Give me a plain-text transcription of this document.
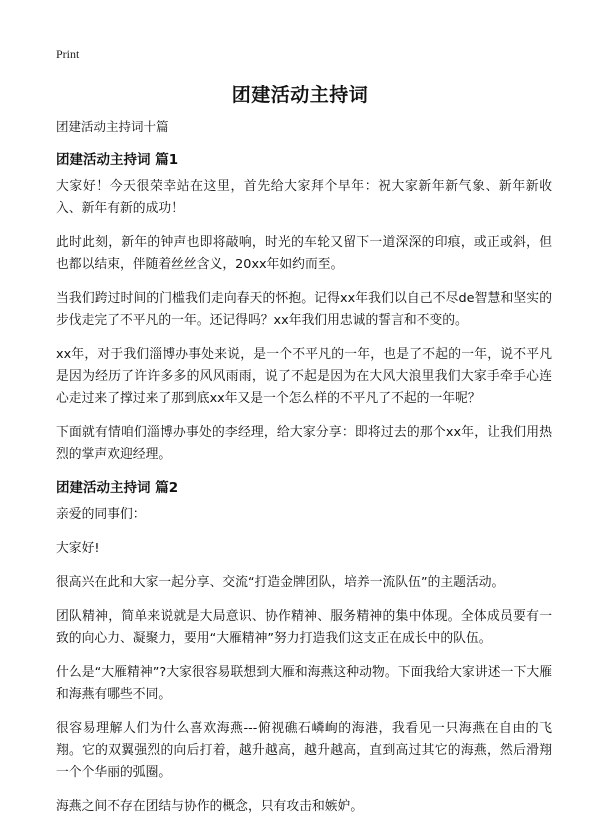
Print
团建活动主持词
团建活动主持词十篇
团建活动主持词 篇1

大家好！今天很荣幸站在这里，首先给大家拜个早年：祝大家新年新气象、新年新收入、新年有新的成功！

此时此刻，新年的钟声也即将敲响，时光的车轮又留下一道深深的印痕，或正或斜，但也都以结束，伴随着丝丝含义，20xx年如约而至。

当我们跨过时间的门槛我们走向春天的怀抱。记得xx年我们以自己不尽de智慧和坚实的步伐走完了不平凡的一年。还记得吗？xx年我们用忠诚的誓言和不变的。

xx年，对于我们淄博办事处来说，是一个不平凡的一年，也是了不起的一年，说不平凡是因为经历了许许多多的风风雨雨，说了不起是因为在大风大浪里我们大家手牵手心连心走过来了撑过来了那到底xx年又是一个怎么样的不平凡了不起的一年呢？

下面就有情咱们淄博办事处的李经理，给大家分享：即将过去的那个xx年，让我们用热烈的掌声欢迎经理。

团建活动主持词 篇2

亲爱的同事们：

大家好!

很高兴在此和大家一起分享、交流“打造金牌团队，培养一流队伍”的主题活动。

团队精神，简单来说就是大局意识、协作精神、服务精神的集中体现。全体成员要有一致的向心力、凝聚力，要用“大雁精神”努力打造我们这支正在成长中的队伍。

什么是“大雁精神”?大家很容易联想到大雁和海燕这种动物。下面我给大家讲述一下大雁和海燕有哪些不同。

很容易理解人们为什么喜欢海燕---俯视礁石嶙峋的海港，我看见一只海燕在自由的飞翔。它的双翼强烈的向后打着，越升越高，越升越高，直到高过其它的海燕，然后滑翔一个个华丽的弧圈。

海燕之间不存在团结与协作的概念，只有攻击和嫉妒。
